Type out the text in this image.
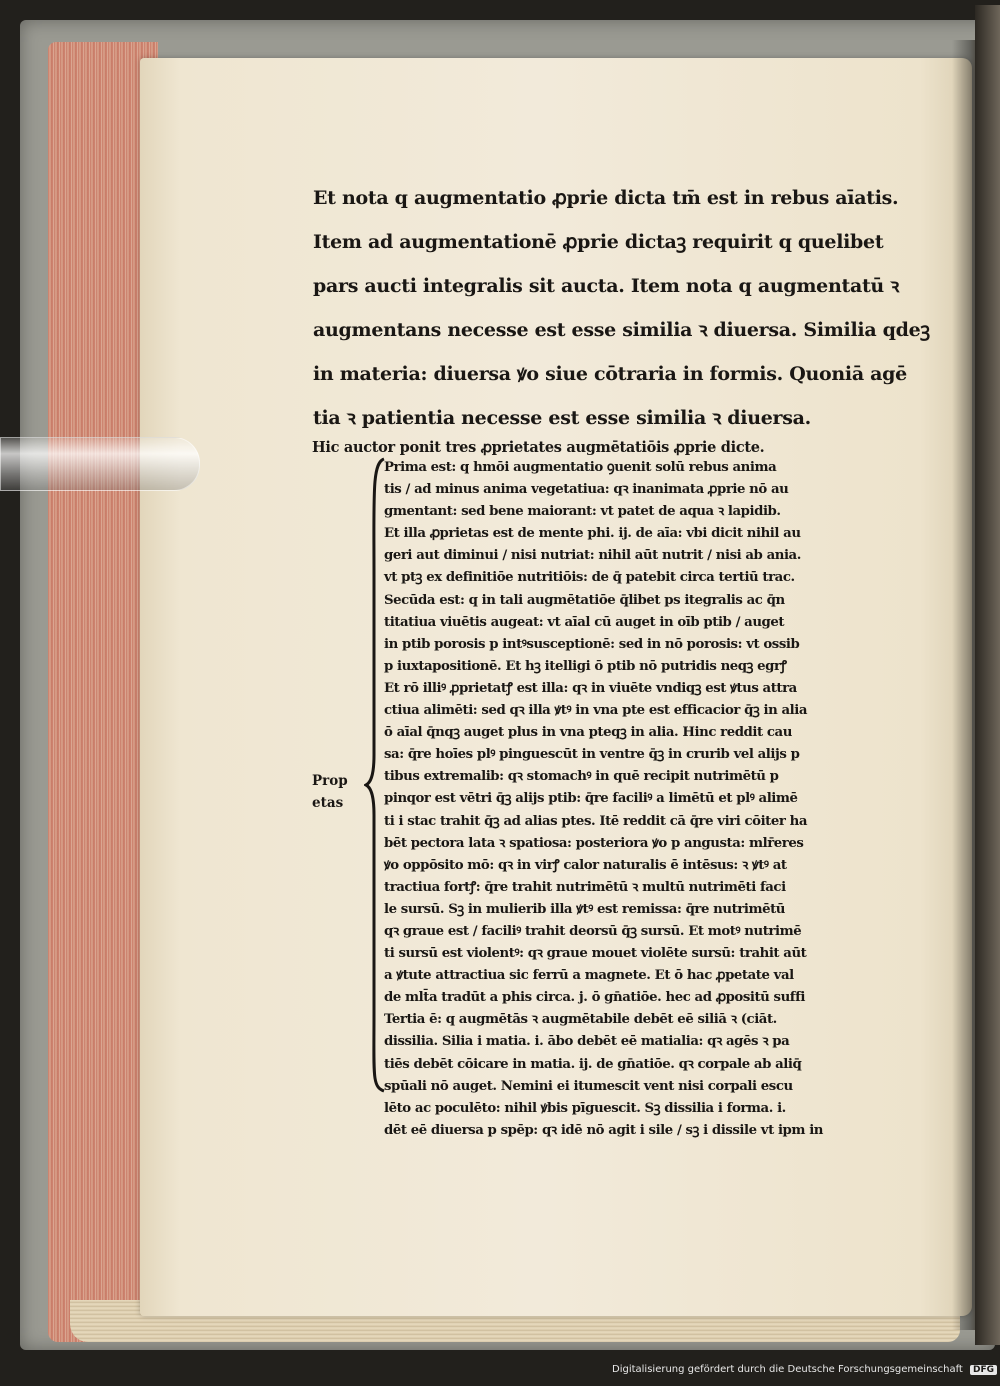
Et nota q augmentatio ꝓprie dicta tm̄ est in rebus aīatis.
Item ad augmentationē ꝓprie dictaꝫ requirit q quelibet
pars aucti integralis sit aucta. Item nota q augmentatū ꝛ
augmentans necesse est esse similia ꝛ diuersa. Similia qdeꝫ
in materia: diuersa ꝟo siue cōtraria in formis. Quoniā agē
tia ꝛ patientia necesse est esse similia ꝛ diuersa.
Hic auctor ponit tres ꝓprietates augmētatiōis ꝓprie dicte.
Prop
etas
Prima est: q hmōi augmentatio ꝯuenit solū rebus anima
tis / ad minus anima vegetatiua: qꝛ inanimata ꝓprie nō au
gmentant: sed bene maiorant: vt patet de aqua ꝛ lapidib.
Et illa ꝓprietas est de mente phi. ij. de aīa: vbi dicit nihil au
geri aut diminui / nisi nutriat: nihil aūt nutrit / nisi ab ania.
vt ptꝫ ex definitiōe nutritiōis: de q̄ patebit circa tertiū trac.
Secūda est: q in tali augmētatiōe q̄libet ps itegralis ac q̄n
titatiua viuētis augeat: vt aīal cū auget in oīb ptib / auget
in ptib porosis p intꝰsusceptionē: sed in nō porosis: vt ossib
p iuxtapositionē. Et hꝫ itelligi ō ptib nō putridis neqꝫ egrꝭ
Et rō illiꝰ ꝓprietatꝭ est illa: qꝛ in viuēte vndiqꝫ est ꝟtus attra
ctiua alimēti: sed qꝛ illa ꝟtꝰ in vna pte est efficacior q̄ꝫ in alia
ō aīal q̄nqꝫ auget plus in vna pteqꝫ in alia. Hinc reddit cau
sa: q̄re hoīes plꝰ pinguescūt in ventre q̄ꝫ in crurib vel alijs p
tibus extremalib: qꝛ stomachꝰ in quē recipit nutrimētū p
pinqor est vētri q̄ꝫ alijs ptib: q̄re faciliꝰ a limētū et plꝰ alimē
ti i stac trahit q̄ꝫ ad alias ptes. Itē reddit cā q̄re viri cōiter ha
bēt pectora lata ꝛ spatiosa: posteriora ꝟo p angusta: mlr̄eres
ꝟo oppōsito mō: qꝛ in virꝭ calor naturalis ē intēsus: ꝛ ꝟtꝰ at
tractiua fortꝭ: q̄re trahit nutrimētū ꝛ multū nutrimēti faci
le sursū. Sꝫ in mulierib illa ꝟtꝰ est remissa: q̄re nutrimētū
qꝛ graue est / faciliꝰ trahit deorsū q̄ꝫ sursū. Et motꝰ nutrimē
ti sursū est violentꝰ: qꝛ graue mouet violēte sursū: trahit aūt
a ꝟtute attractiua sic ferrū a magnete. Et ō hac ꝓpetate val
de mlt̄a tradūt a phis circa. j. ō gn̄atiōe. hec ad ꝓpositū suffi
Tertia ē: q augmētās ꝛ augmētabile debēt eē siliā ꝛ (ciāt.
dissilia. Silia i matia. i. ābo debēt eē matialia: qꝛ agēs ꝛ pa
tiēs debēt cōicare in matia. ij. de gn̄atiōe. qꝛ corpale ab aliq̄
spūali nō auget. Nemini ei itumescit vent nisi corpali escu
lēto ac poculēto: nihil ꝟbis pīguescit. Sꝫ dissilia i forma. i.
dēt eē diuersa p spēp: qꝛ idē nō agit i sile / sꝫ i dissile vt ipm in
Digitalisierung gefördert durch die Deutsche Forschungsgemeinschaft DFG
